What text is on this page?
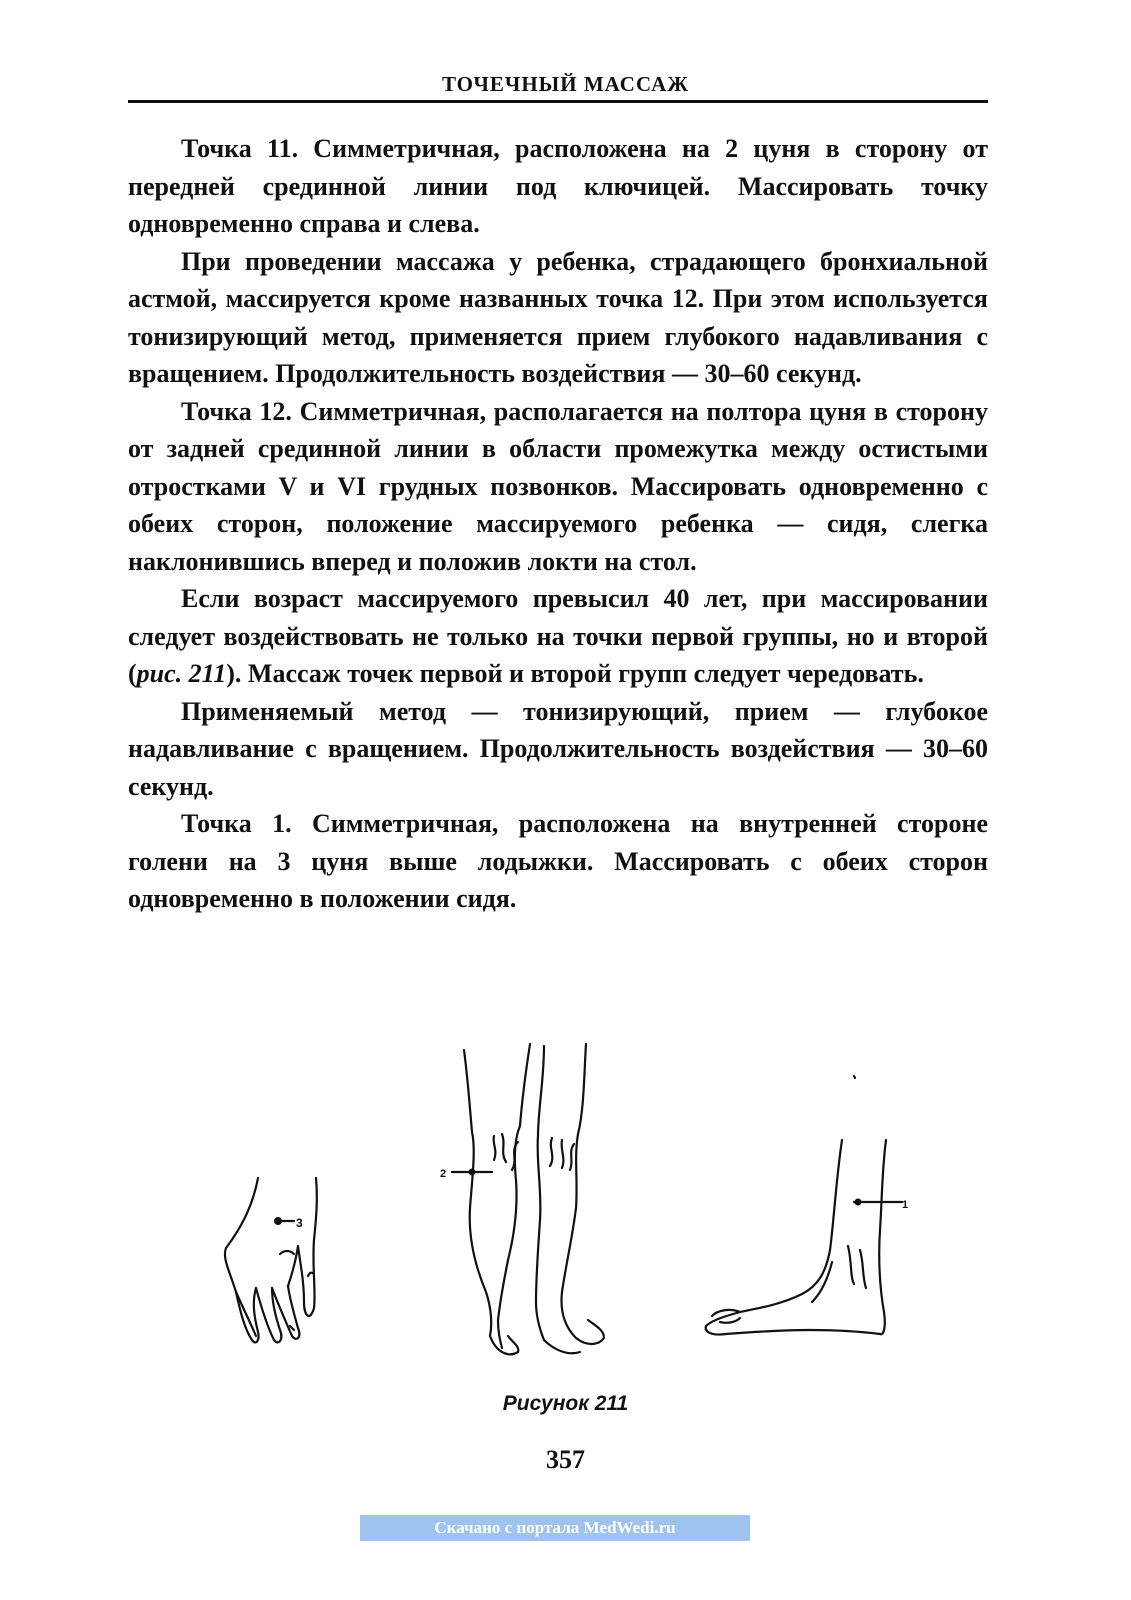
ТОЧЕЧНЫЙ МАССАЖ

Точка 11. Симметричная, расположена на 2 цуня в сторону от передней срединной линии под ключицей. Массировать точку одновременно справа и слева.

При проведении массажа у ребенка, страдающего бронхиальной астмой, массируется кроме названных точка 12. При этом используется тонизирующий метод, применяется прием глубокого надавливания с вращением. Продолжительность воздействия — 30–60 секунд.

Точка 12. Симметричная, располагается на полтора цуня в сторону от задней срединной линии в области промежутка между остистыми отростками V и VI грудных позвонков. Массировать одновременно с обеих сторон, положение массируемого ребенка — сидя, слегка наклонившись вперед и положив локти на стол.

Если возраст массируемого превысил 40 лет, при массировании следует воздействовать не только на точки первой группы, но и второй (рис. 211). Массаж точек первой и второй групп следует чередовать.

Применяемый метод — тонизирующий, прием — глубокое надавливание с вращением. Продолжительность воздействия — 30–60 секунд.

Точка 1. Симметричная, расположена на внутренней стороне голени на 3 цуня выше лодыжки. Массировать с обеих сторон одновременно в положении сидя.

3
2
1
Рисунок 211
357
Скачано с портала MedWedi.ru
